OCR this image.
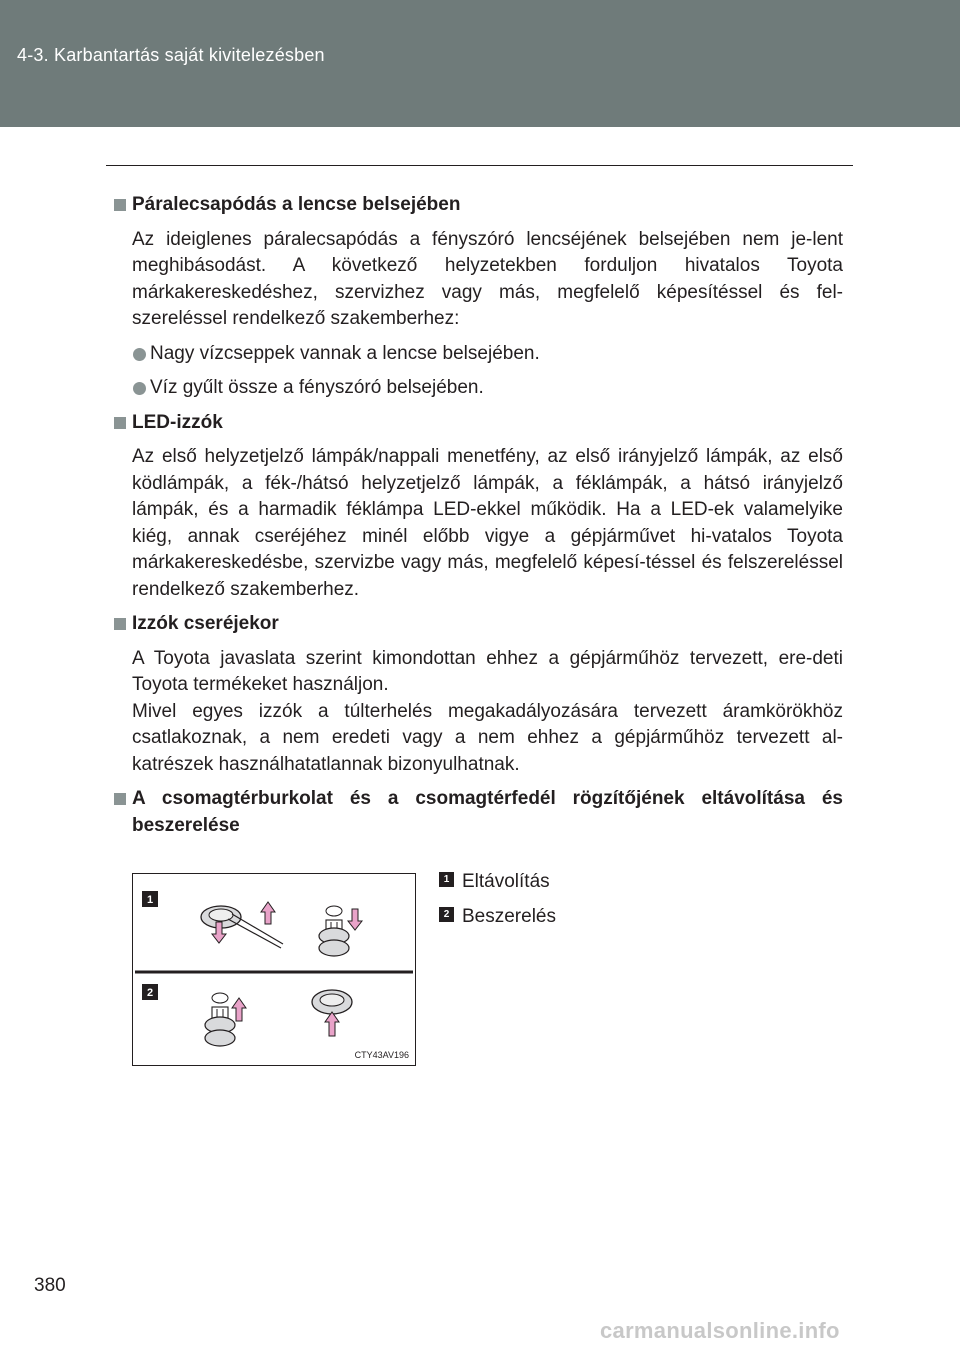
4-3. Karbantartás saját kivitelezésben
Páralecsapódás a lencse belsejében

Az ideiglenes páralecsapódás a fényszóró lencséjének belsejében nem je-lent meghibásodást. A következő helyzetekben forduljon hivatalos Toyota márkakereskedéshez, szervizhez vagy más, megfelelő képesítéssel és fel-szereléssel rendelkező szakemberhez:

Nagy vízcseppek vannak a lencse belsejében.
Víz gyűlt össze a fényszóró belsejében.
LED-izzók

Az első helyzetjelző lámpák/nappali menetfény, az első irányjelző lámpák, az első ködlámpák, a fék-/hátsó helyzetjelző lámpák, a féklámpák, a hátsó irányjelző lámpák, és a harmadik féklámpa LED-ekkel működik. Ha a LED-ek valamelyike kiég, annak cseréjéhez minél előbb vigye a gépjárművet hi-vatalos Toyota márkakereskedésbe, szervizbe vagy más, megfelelő képesí-téssel és felszereléssel rendelkező szakemberhez.

Izzók cseréjekor

A Toyota javaslata szerint kimondottan ehhez a gépjárműhöz tervezett, ere-deti Toyota termékeket használjon.

Mivel egyes izzók a túlterhelés megakadályozására tervezett áramkörökhöz csatlakoznak, a nem eredeti vagy a nem ehhez a gépjárműhöz tervezett al-katrészek használhatatlannak bizonyulhatnak.

A csomagtérburkolat és a csomagtérfedél rögzítőjének eltávolítása és beszerelése
1
2
CTY43AV196
1 Eltávolítás
2 Beszerelés
380
carmanualsonline.info
